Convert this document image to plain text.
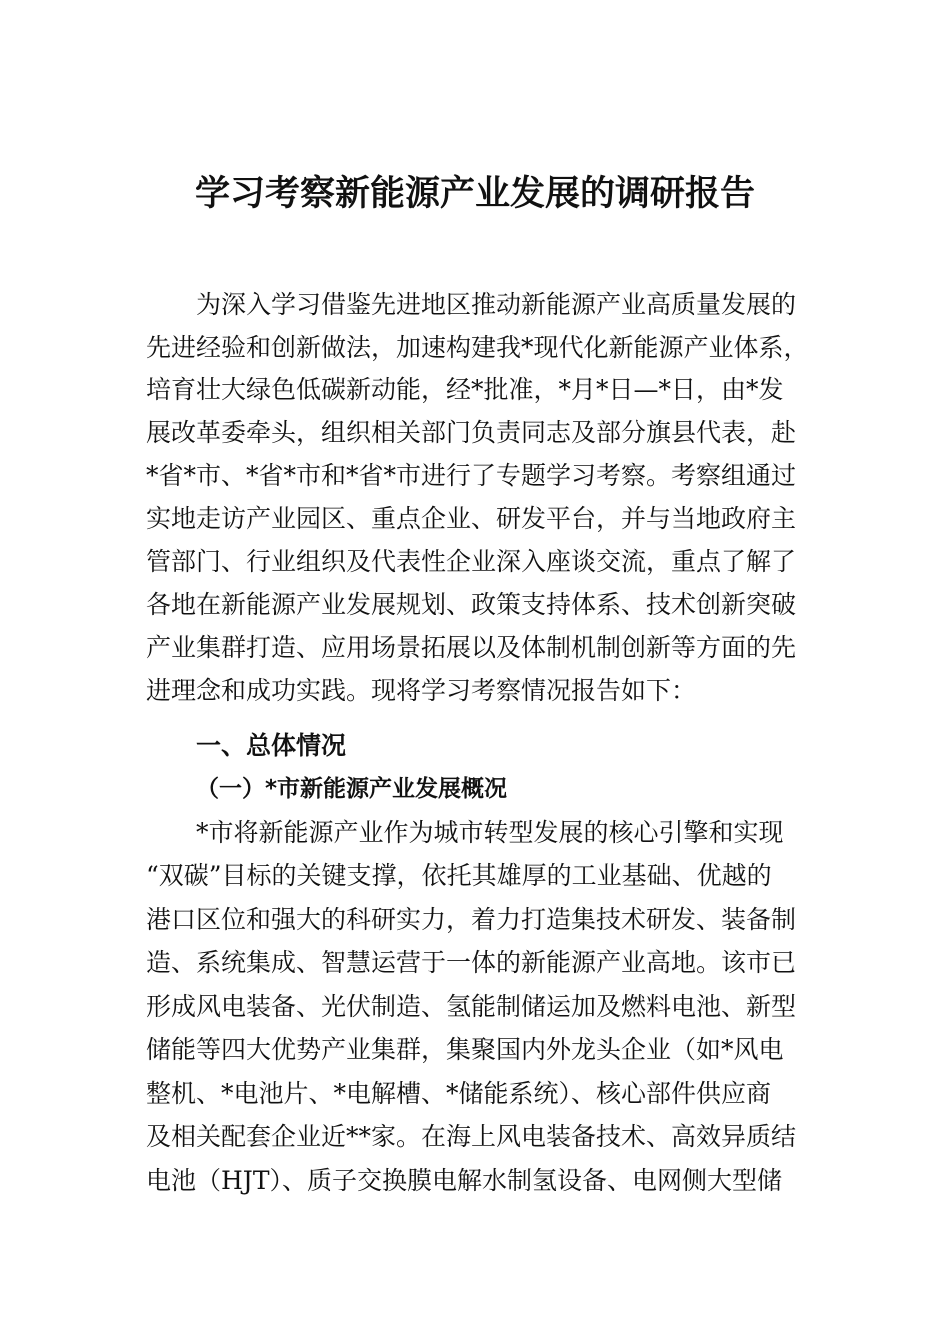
学习考察新能源产业发展的调研报告

为深入学习借鉴先进地区推动新能源产业高质量发展的

先进经验和创新做法，加速构建我*现代化新能源产业体系，

培育壮大绿色低碳新动能，经*批准，*月*日—*日，由*发

展改革委牵头，组织相关部门负责同志及部分旗县代表，赴

*省*市、*省*市和*省*市进行了专题学习考察。考察组通过

实地走访产业园区、重点企业、研发平台，并与当地政府主

管部门、行业组织及代表性企业深入座谈交流，重点了解了

各地在新能源产业发展规划、政策支持体系、技术创新突破

产业集群打造、应用场景拓展以及体制机制创新等方面的先

进理念和成功实践。现将学习考察情况报告如下：

一、总体情况

（一）*市新能源产业发展概况

*市将新能源产业作为城市转型发展的核心引擎和实现

“双碳”目标的关键支撑，依托其雄厚的工业基础、优越的

港口区位和强大的科研实力，着力打造集技术研发、装备制

造、系统集成、智慧运营于一体的新能源产业高地。该市已

形成风电装备、光伏制造、氢能制储运加及燃料电池、新型

储能等四大优势产业集群，集聚国内外龙头企业（如*风电

整机、*电池片、*电解槽、*储能系统）、核心部件供应商

及相关配套企业近**家。在海上风电装备技术、高效异质结

电池（HJT）、质子交换膜电解水制氢设备、电网侧大型储
